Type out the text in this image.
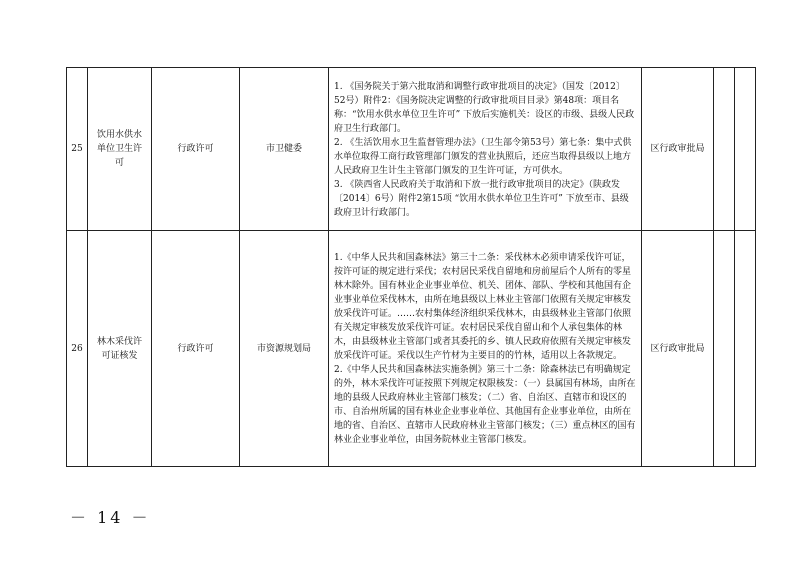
25	饮用水供水单位卫生许可	行政许可	市卫健委	1. 《国务院关于第六批取消和调整行政审批项目的决定》（国发〔2012〕52号）附件2：《国务院决定调整的行政审批项目目录》第48项：项目名称：“饮用水供水单位卫生许可” 下放后实施机关：设区的市级、县级人民政府卫生行政部门。

2. 《生活饮用水卫生监督管理办法》（卫生部令第53号）第七条：集中式供水单位取得工商行政管理部门颁发的营业执照后，还应当取得县级以上地方人民政府卫生计生主管部门颁发的卫生许可证，方可供水。

3. 《陕西省人民政府关于取消和下放一批行政审批项目的决定》（陕政发〔2014〕6号）附件2第15项 “饮用水供水单位卫生许可” 下放至市、县级政府卫计行政部门。	区行政审批局		
26	林木采伐许可证核发	行政许可	市资源规划局	1.《中华人民共和国森林法》第三十二条：采伐林木必须申请采伐许可证，按许可证的规定进行采伐；农村居民采伐自留地和房前屋后个人所有的零星林木除外。国有林业企业事业单位、机关、团体、部队、学校和其他国有企业事业单位采伐林木，由所在地县级以上林业主管部门依照有关规定审核发放采伐许可证。……农村集体经济组织采伐林木，由县级林业主管部门依照有关规定审核发放采伐许可证。农村居民采伐自留山和个人承包集体的林木，由县级林业主管部门或者其委托的乡、镇人民政府依照有关规定审核发放采伐许可证。采伐以生产竹材为主要目的的竹林，适用以上各款规定。

2.《中华人民共和国森林法实施条例》第三十二条：除森林法已有明确规定的外，林木采伐许可证按照下列规定权限核发：（一）县属国有林场，由所在地的县级人民政府林业主管部门核发；（二）省、自治区、直辖市和设区的市、自治州所属的国有林业企业事业单位、其他国有企业事业单位，由所在地的省、自治区、直辖市人民政府林业主管部门核发；（三）重点林区的国有林业企业事业单位，由国务院林业主管部门核发。	区行政审批局		
－ 14 －
